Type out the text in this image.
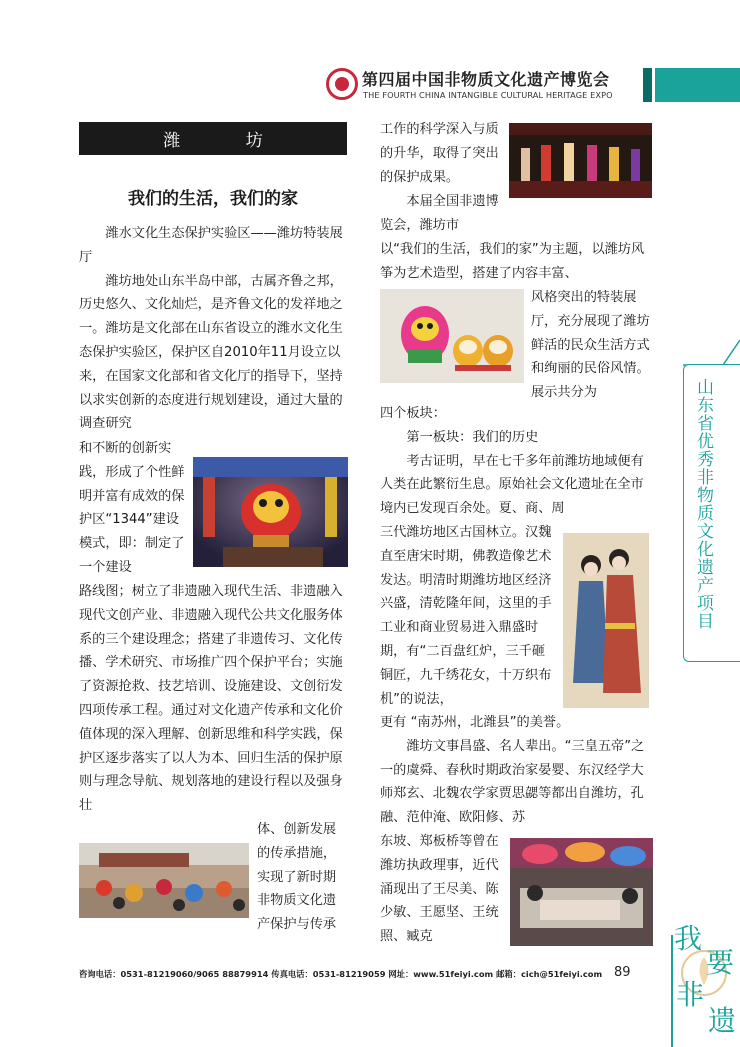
第四届中国非物质文化遗产博览会
THE FOURTH CHINA INTANGIBLE CULTURAL HERITAGE EXPO
潍 坊
我们的生活，我们的家

潍水文化生态保护实验区——潍坊特装展厅

潍坊地处山东半岛中部，古属齐鲁之邦，历史悠久、文化灿烂，是齐鲁文化的发祥地之一。潍坊是文化部在山东省设立的潍水文化生态保护实验区，保护区自2010年11月设立以来，在国家文化部和省文化厅的指导下，坚持以求实创新的态度进行规划建设，通过大量的调查研究

和不断的创新实践，形成了个性鲜明并富有成效的保护区“1344”建设模式，即：制定了一个建设

路线图；树立了非遗融入现代生活、非遗融入现代文创产业、非遗融入现代公共文化服务体系的三个建设理念；搭建了非遗传习、文化传播、学术研究、市场推广四个保护平台；实施了资源抢救、技艺培训、设施建设、文创衍发四项传承工程。通过对文化遗产传承和文化价值体现的深入理解、创新思维和科学实践，保护区逐步落实了以人为本、回归生活的保护原则与理念导航、规划落地的建设行程以及强身壮

体、创新发展的传承措施，实现了新时期非物质文化遗产保护与传承

工作的科学深入与质的升华，取得了突出的保护成果。

本届全国非遗博览会，潍坊市

以“我们的生活，我们的家”为主题，以潍坊风筝为艺术造型，搭建了内容丰富、

风格突出的特装展厅，充分展现了潍坊鲜活的民众生活方式和绚丽的民俗风情。展示共分为

四个板块：

第一板块：我们的历史

考古证明，早在七千多年前潍坊地域便有人类在此繁衍生息。原始社会文化遗址在全市境内已发现百余处。夏、商、周

三代潍坊地区古国林立。汉魏直至唐宋时期，佛教造像艺术发达。明清时期潍坊地区经济兴盛，清乾隆年间，这里的手工业和商业贸易进入鼎盛时期，有“二百盘红炉，三千砸铜匠，九千绣花女，十万织布机”的说法，

更有 “南苏州，北潍县”的美誉。

潍坊文事昌盛、名人辈出。“三皇五帝”之一的虞舜、春秋时期政治家晏婴、东汉经学大师郑玄、北魏农学家贾思勰等都出自潍坊，孔融、范仲淹、欧阳修、苏

东坡、郑板桥等曾在潍坊执政理事，近代涌现出了王尽美、陈少敏、王愿坚、王统照、臧克

山东省优秀非物质文化遗产项目
咨询电话：0531-81219060/9065 88879914 传真电话：0531-81219059 网址：www.51feiyi.com 邮箱：cich@51feiyi.com 89
我
要
非
遗
